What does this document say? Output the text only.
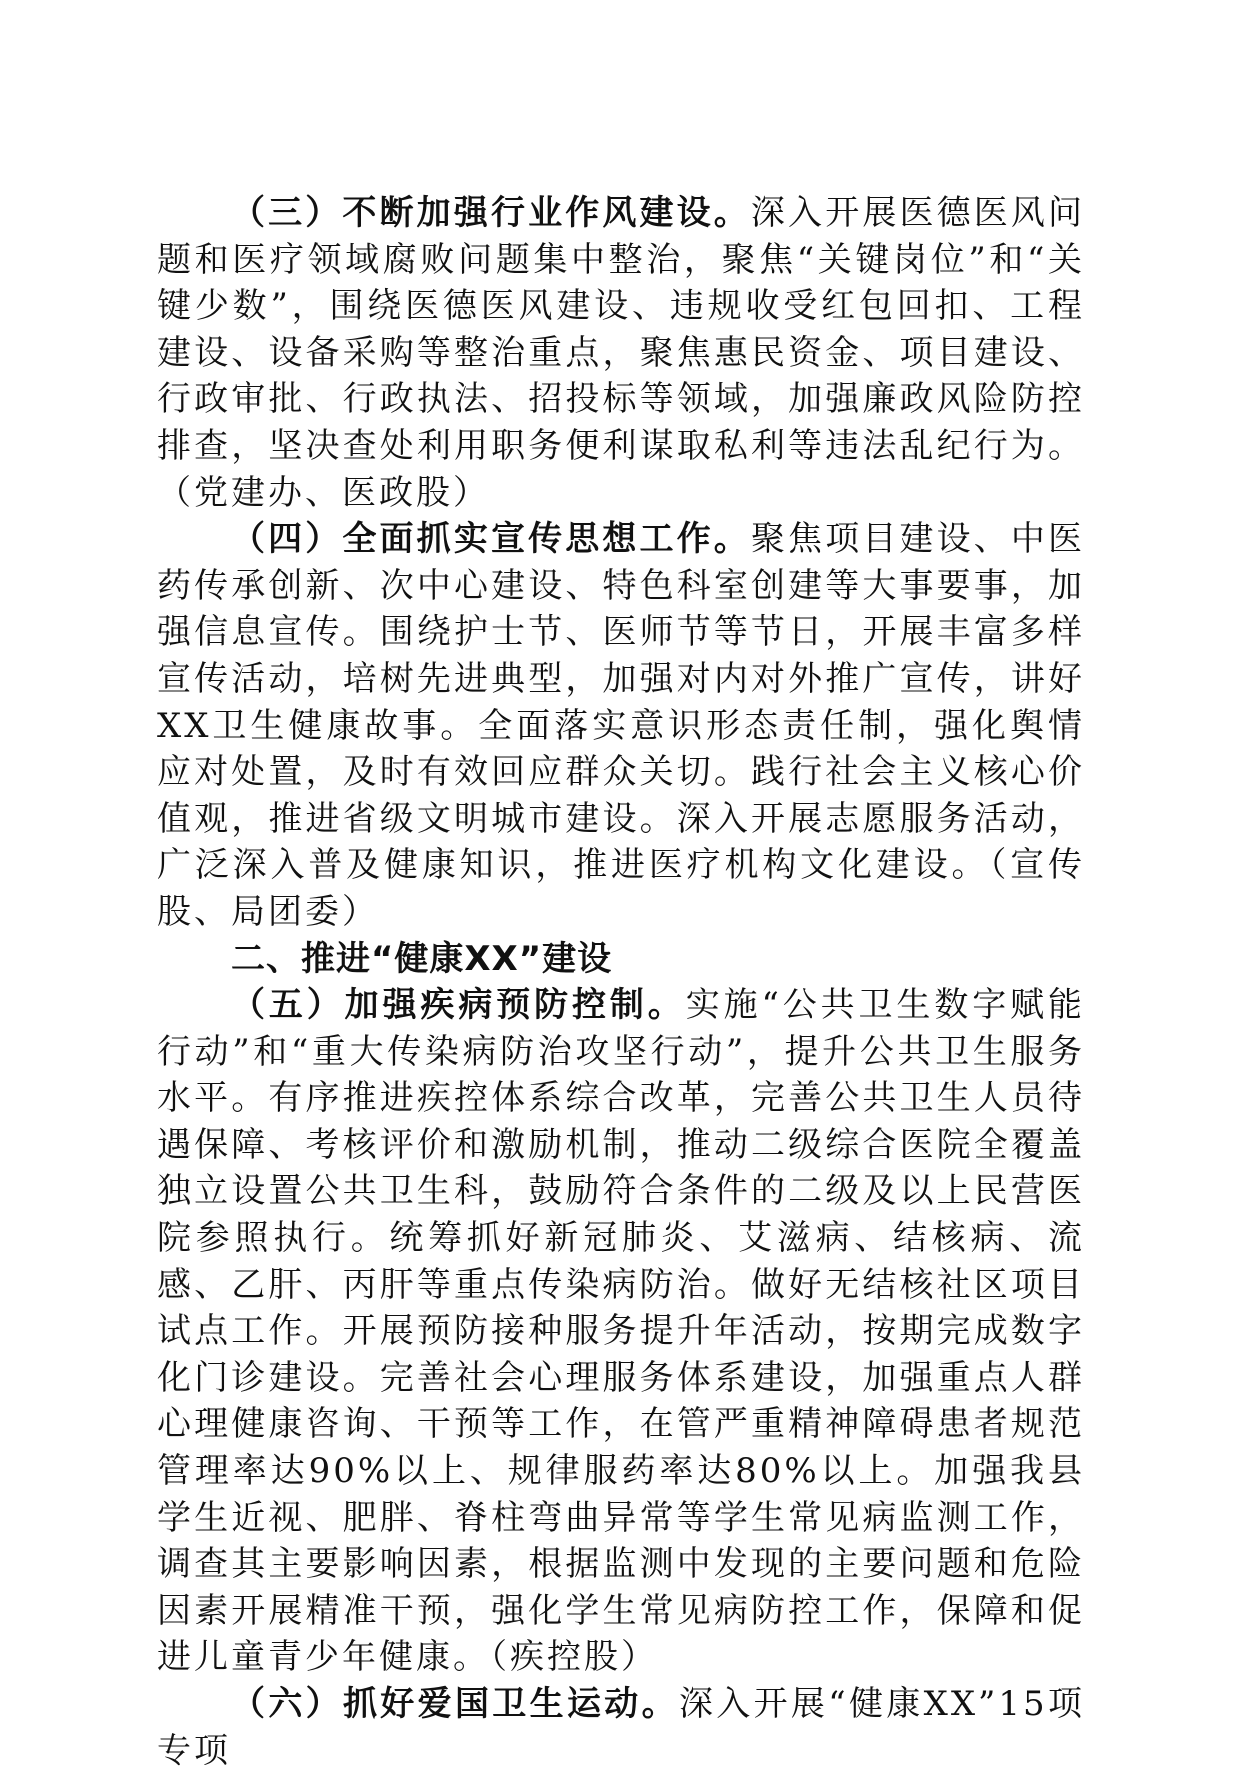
（三）不断加强行业作风建设。深入开展医德医风问题和医疗领域腐败问题集中整治，聚焦“关键岗位”和“关键少数”，围绕医德医风建设、违规收受红包回扣、工程建设、设备采购等整治重点，聚焦惠民资金、项目建设、行政审批、行政执法、招投标等领域，加强廉政风险防控排查，坚决查处利用职务便利谋取私利等违法乱纪行为。（党建办、医政股）

（四）全面抓实宣传思想工作。聚焦项目建设、中医药传承创新、次中心建设、特色科室创建等大事要事，加强信息宣传。围绕护士节、医师节等节日，开展丰富多样宣传活动，培树先进典型，加强对内对外推广宣传，讲好XX卫生健康故事。全面落实意识形态责任制，强化舆情应对处置，及时有效回应群众关切。践行社会主义核心价值观，推进省级文明城市建设。深入开展志愿服务活动，广泛深入普及健康知识，推进医疗机构文化建设。（宣传股、局团委）

二、推进“健康XX”建设

（五）加强疾病预防控制。实施“公共卫生数字赋能行动”和“重大传染病防治攻坚行动”，提升公共卫生服务水平。有序推进疾控体系综合改革，完善公共卫生人员待遇保障、考核评价和激励机制，推动二级综合医院全覆盖独立设置公共卫生科，鼓励符合条件的二级及以上民营医院参照执行。统筹抓好新冠肺炎、艾滋病、结核病、流感、乙肝、丙肝等重点传染病防治。做好无结核社区项目试点工作。开展预防接种服务提升年活动，按期完成数字化门诊建设。完善社会心理服务体系建设，加强重点人群心理健康咨询、干预等工作，在管严重精神障碍患者规范管理率达90%以上、规律服药率达80%以上。加强我县学生近视、肥胖、脊柱弯曲异常等学生常见病监测工作，调查其主要影响因素，根据监测中发现的主要问题和危险因素开展精准干预，强化学生常见病防控工作，保障和促进儿童青少年健康。（疾控股）

（六）抓好爱国卫生运动。深入开展“健康XX”15项专项
